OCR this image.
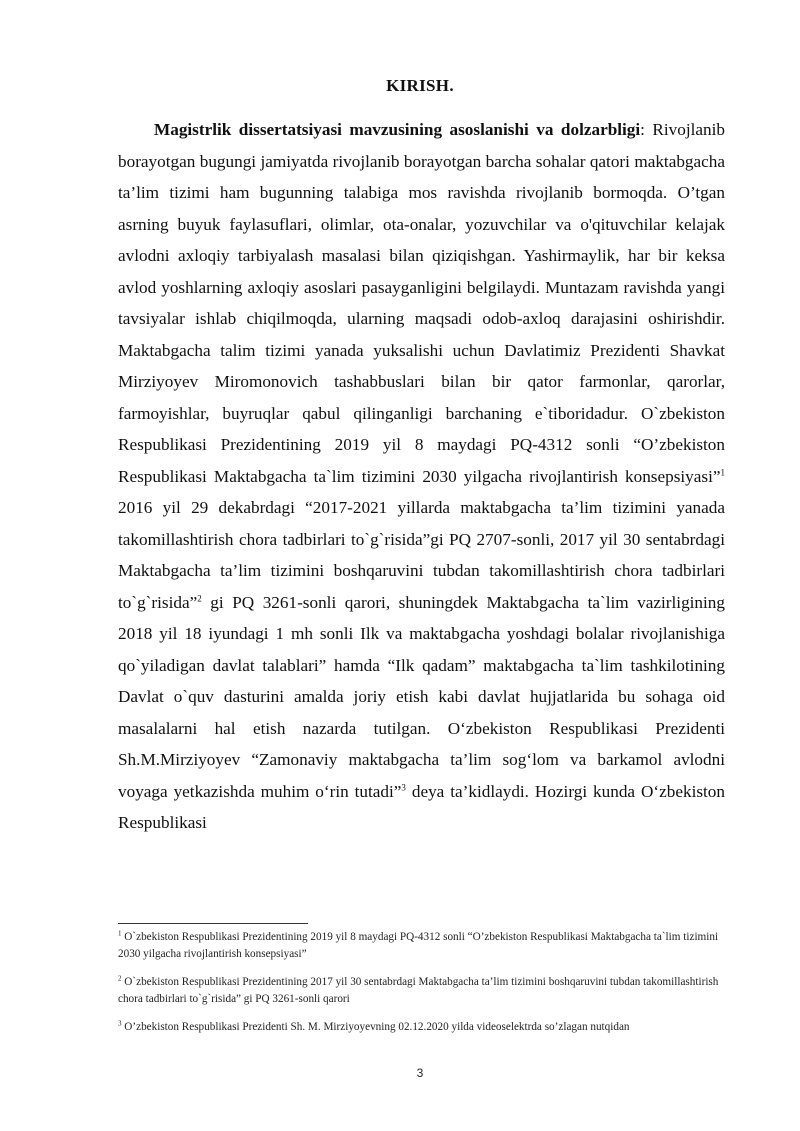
KIRISH.

Magistrlik dissertatsiyasi mavzusining asoslanishi va dolzarbligi: Rivojlanib borayotgan bugungi jamiyatda rivojlanib borayotgan barcha sohalar qatori maktabgacha ta’lim tizimi ham bugunning talabiga mos ravishda rivojlanib bormoqda. O’tgan asrning buyuk faylasuflari, olimlar, ota-onalar, yozuvchilar va o'qituvchilar kelajak avlodni axloqiy tarbiyalash masalasi bilan qiziqishgan. Yashirmaylik, har bir keksa avlod yoshlarning axloqiy asoslari pasayganligini belgilaydi. Muntazam ravishda yangi tavsiyalar ishlab chiqilmoqda, ularning maqsadi odob-axloq darajasini oshirishdir. Maktabgacha talim tizimi yanada yuksalishi uchun Davlatimiz Prezidenti Shavkat Mirziyoyev Miromonovich tashabbuslari bilan bir qator farmonlar, qarorlar, farmoyishlar, buyruqlar qabul qilinganligi barchaning e`tiboridadur. O`zbekiston Respublikasi Prezidentining 2019 yil 8 maydagi PQ-4312 sonli “O’zbekiston Respublikasi Maktabgacha ta`lim tizimini 2030 yilgacha rivojlantirish konsepsiyasi”$^1$ 2016 yil 29 dekabrdagi “2017-2021 yillarda maktabgacha ta’lim tizimini yanada takomillashtirish chora tadbirlari to`g`risida”gi PQ 2707-sonli, 2017 yil 30 sentabrdagi Maktabgacha ta’lim tizimini boshqaruvini tubdan takomillashtirish chora tadbirlari to`g`risida”$^2$ gi PQ 3261-sonli qarori, shuningdek Maktabgacha ta`lim vazirligining 2018 yil 18 iyundagi 1 mh sonli Ilk va maktabgacha yoshdagi bolalar rivojlanishiga qo`yiladigan davlat talablari” hamda “Ilk qadam” maktabgacha ta`lim tashkilotining Davlat o`quv dasturini amalda joriy etish kabi davlat hujjatlarida bu sohaga oid masalalarni hal etish nazarda tutilgan. O‘zbekiston Respublikasi Prezidenti Sh.M.Mirziyoyev “Zamonaviy maktabgacha ta’lim sog‘lom va barkamol avlodni voyaga yetkazishda muhim o‘rin tutadi”$^3$ deya ta’kidlaydi. Hozirgi kunda O‘zbekiston Respublikasi

$^1$ O`zbekiston Respublikasi Prezidentining 2019 yil 8 maydagi PQ-4312 sonli “O’zbekiston Respublikasi Maktabgacha ta`lim tizimini 2030 yilgacha rivojlantirish konsepsiyasi”

$^2$ O`zbekiston Respublikasi Prezidentining 2017 yil 30 sentabrdagi Maktabgacha ta’lim tizimini boshqaruvini tubdan takomillashtirish chora tadbirlari to`g`risida” gi PQ 3261-sonli qarori

$^3$ O’zbekiston Respublikasi Prezidenti Sh. M. Mirziyoyevning 02.12.2020 yilda videoselektrda so’zlagan nutqidan

3
